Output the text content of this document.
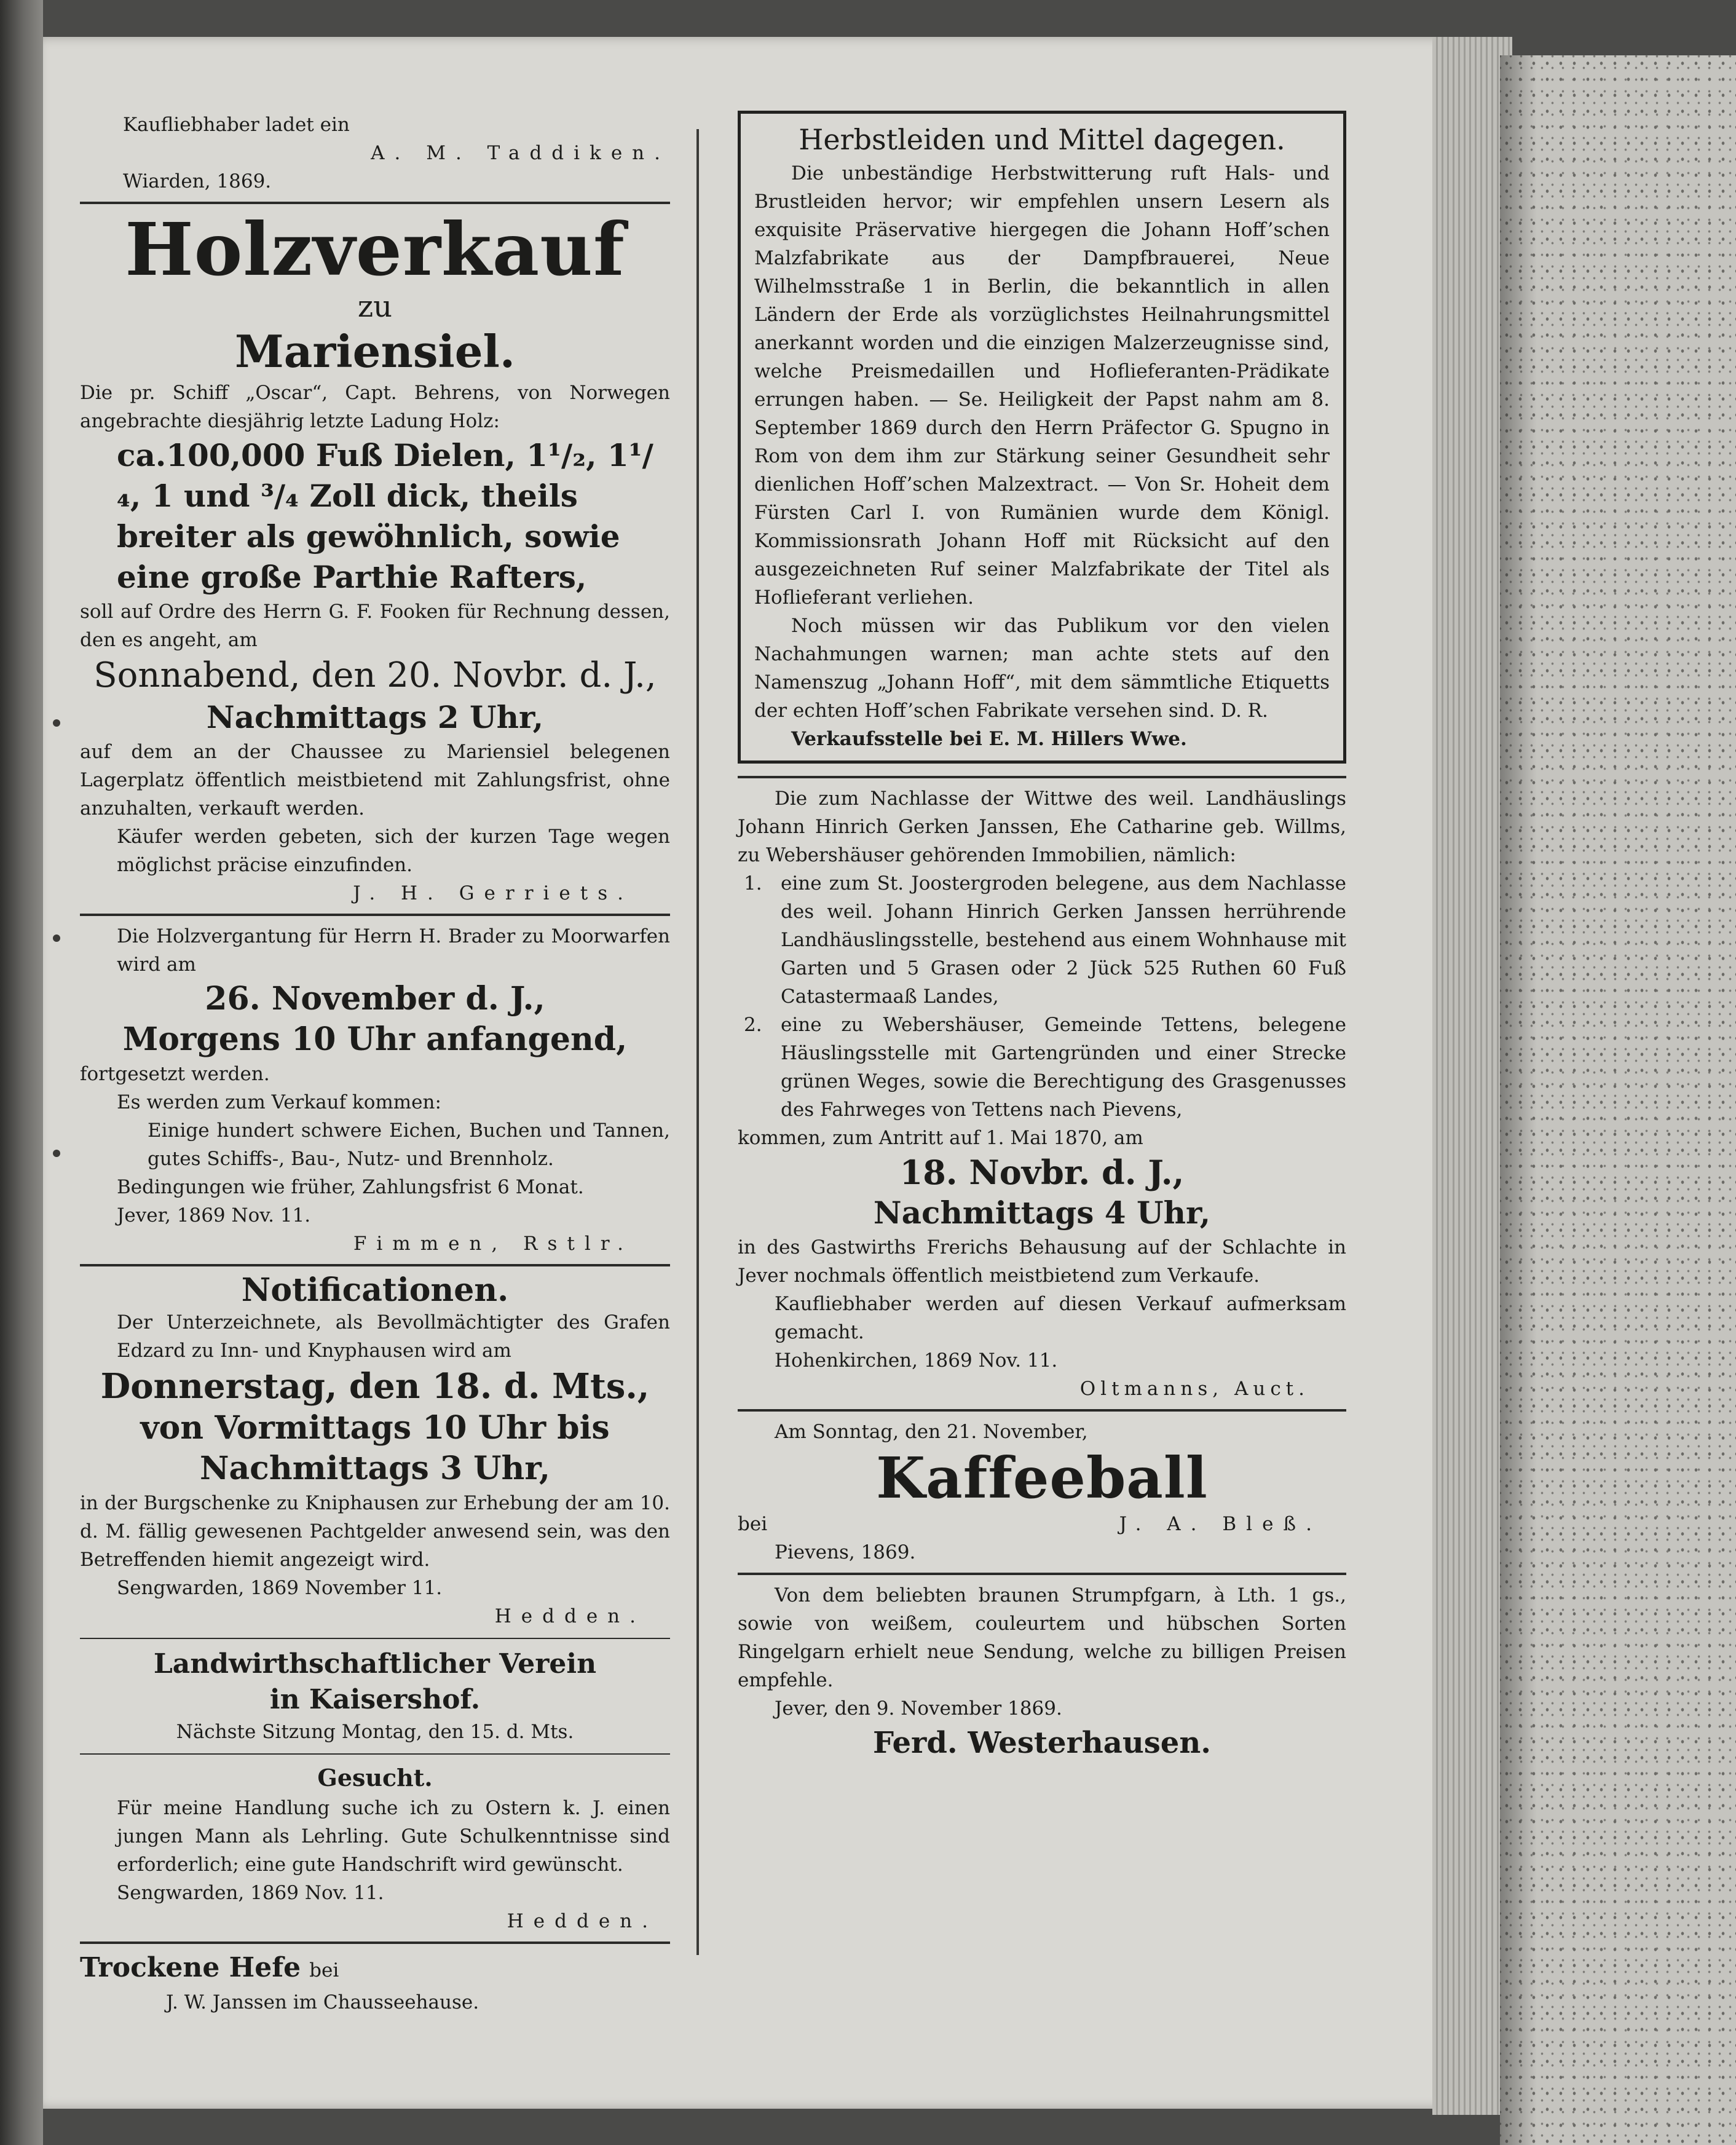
Kaufliebhaber ladet ein

A. M. Taddiken.

Wiarden, 1869.

Holzverkauf
zu
Mariensiel.

Die pr. Schiff „Oscar“, Capt. Behrens, von Norwegen angebrachte diesjährig letzte Ladung Holz:

ca.100,000 Fuß Dielen, 1¹/₂, 1¹/₄, 1 und ³/₄ Zoll dick, theils breiter als gewöhnlich, sowie eine große Parthie Rafters,

soll auf Ordre des Herrn G. F. Fooken für Rechnung dessen, den es angeht, am

Sonnabend, den 20. Novbr. d. J.,
Nachmittags 2 Uhr,

auf dem an der Chaussee zu Mariensiel belegenen Lagerplatz öffentlich meistbietend mit Zahlungsfrist, ohne anzuhalten, verkauft werden.

Käufer werden gebeten, sich der kurzen Tage wegen möglichst präcise einzufinden.

J. H. Gerriets.

Die Holzvergantung für Herrn H. Brader zu Moorwarfen wird am

26. November d. J.,
Morgens 10 Uhr anfangend,

fortgesetzt werden.

Es werden zum Verkauf kommen:

Einige hundert schwere Eichen, Buchen und Tannen, gutes Schiffs-, Bau-, Nutz- und Brennholz.

Bedingungen wie früher, Zahlungsfrist 6 Monat.

Jever, 1869 Nov. 11.

Fimmen, Rstlr.

Notificationen.

Der Unterzeichnete, als Bevollmächtigter des Grafen Edzard zu Inn- und Knyphausen wird am

Donnerstag, den 18. d. Mts.,
von Vormittags 10 Uhr bis Nachmittags 3 Uhr,

in der Burgschenke zu Kniphausen zur Erhebung der am 10. d. M. fällig gewesenen Pachtgelder anwesend sein, was den Betreffenden hiemit angezeigt wird.

Sengwarden, 1869 November 11.

Hedden.

Landwirthschaftlicher Verein
in Kaisershof.

Nächste Sitzung Montag, den 15. d. Mts.

Gesucht.

Für meine Handlung suche ich zu Ostern k. J. einen jungen Mann als Lehrling. Gute Schulkenntnisse sind erforderlich; eine gute Handschrift wird gewünscht.

Sengwarden, 1869 Nov. 11.

Hedden.

Trockene Hefe bei

J. W. Janssen im Chausseehause.

Herbstleiden und Mittel dagegen.

Die unbeständige Herbstwitterung ruft Hals- und Brustleiden hervor; wir empfehlen unsern Lesern als exquisite Präservative hiergegen die Johann Hoff’schen Malzfabrikate aus der Dampfbrauerei, Neue Wilhelmsstraße 1 in Berlin, die bekanntlich in allen Ländern der Erde als vorzüglichstes Heilnahrungsmittel anerkannt worden und die einzigen Malzerzeugnisse sind, welche Preismedaillen und Hoflieferanten-Prädikate errungen haben. — Se. Heiligkeit der Papst nahm am 8. September 1869 durch den Herrn Präfector G. Spugno in Rom von dem ihm zur Stärkung seiner Gesundheit sehr dienlichen Hoff’schen Malzextract. — Von Sr. Hoheit dem Fürsten Carl I. von Rumänien wurde dem Königl. Kommissionsrath Johann Hoff mit Rücksicht auf den ausgezeichneten Ruf seiner Malzfabrikate der Titel als Hoflieferant verliehen.

Noch müssen wir das Publikum vor den vielen Nachahmungen warnen; man achte stets auf den Namenszug „Johann Hoff“, mit dem sämmtliche Etiquetts der echten Hoff’schen Fabrikate versehen sind. D. R.

Verkaufsstelle bei E. M. Hillers Wwe.

Die zum Nachlasse der Wittwe des weil. Landhäuslings Johann Hinrich Gerken Janssen, Ehe Catharine geb. Willms, zu Webershäuser gehörenden Immobilien, nämlich:

1. eine zum St. Joostergroden belegene, aus dem Nachlasse des weil. Johann Hinrich Gerken Janssen herrührende Landhäuslingsstelle, bestehend aus einem Wohnhause mit Garten und 5 Grasen oder 2 Jück 525 Ruthen 60 Fuß Catastermaaß Landes,
2. eine zu Webershäuser, Gemeinde Tettens, belegene Häuslingsstelle mit Gartengründen und einer Strecke grünen Weges, sowie die Berechtigung des Grasgenusses des Fahrweges von Tettens nach Pievens,

kommen, zum Antritt auf 1. Mai 1870, am

18. Novbr. d. J.,
Nachmittags 4 Uhr,

in des Gastwirths Frerichs Behausung auf der Schlachte in Jever nochmals öffentlich meistbietend zum Verkaufe.

Kaufliebhaber werden auf diesen Verkauf aufmerksam gemacht.

Hohenkirchen, 1869 Nov. 11.

Oltmanns, Auct.

Am Sonntag, den 21. November,

Kaffeeball
bei	J. A. Bleß.

Pievens, 1869.

Von dem beliebten braunen Strumpfgarn, à Lth. 1 gs., sowie von weißem, couleurtem und hübschen Sorten Ringelgarn erhielt neue Sendung, welche zu billigen Preisen empfehle.

Jever, den 9. November 1869.

Ferd. Westerhausen.
